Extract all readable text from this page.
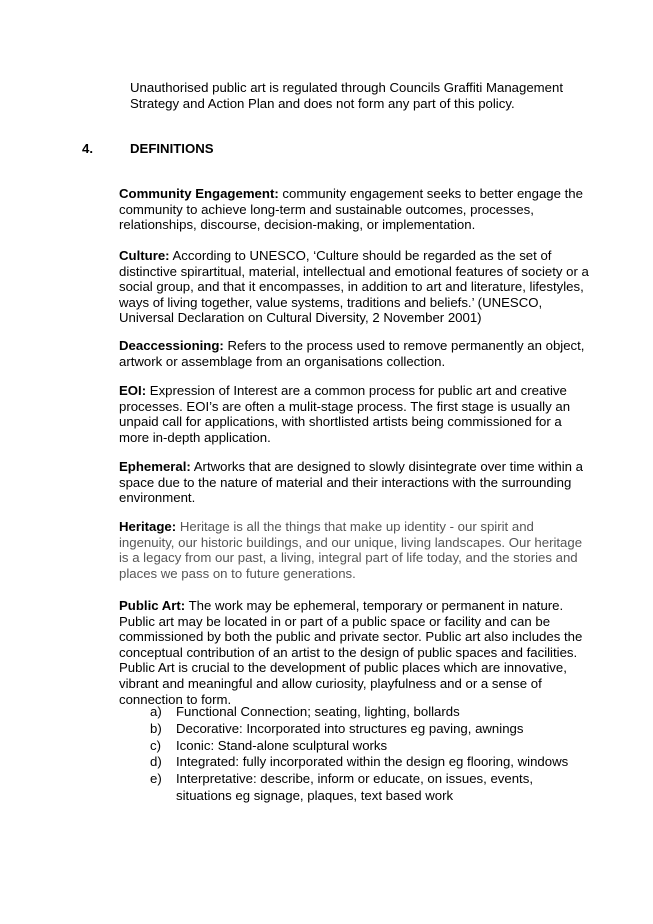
Unauthorised public art is regulated through Councils Graffiti Management Strategy and Action Plan and does not form any part of this policy.

4.	DEFINITIONS

Community Engagement: community engagement seeks to better engage the community to achieve long-term and sustainable outcomes, processes, relationships, discourse, decision-making, or implementation.

Culture: According to UNESCO, ‘Culture should be regarded as the set of distinctive spirartitual, material, intellectual and emotional features of society or a social group, and that it encompasses, in addition to art and literature, lifestyles, ways of living together, value systems, traditions and beliefs.’ (UNESCO, Universal Declaration on Cultural Diversity, 2 November 2001)

Deaccessioning: Refers to the process used to remove permanently an object, artwork or assemblage from an organisations collection.

EOI: Expression of Interest are a common process for public art and creative processes. EOI’s are often a mulit-stage process. The first stage is usually an unpaid call for applications, with shortlisted artists being commissioned for a more in-depth application.

Ephemeral: Artworks that are designed to slowly disintegrate over time within a space due to the nature of material and their interactions with the surrounding environment.

Heritage: Heritage is all the things that make up identity - our spirit and ingenuity, our historic buildings, and our unique, living landscapes. Our heritage is a legacy from our past, a living, integral part of life today, and the stories and places we pass on to future generations.

Public Art: The work may be ephemeral, temporary or permanent in nature. Public art may be located in or part of a public space or facility and can be commissioned by both the public and private sector. Public art also includes the conceptual contribution of an artist to the design of public spaces and facilities. Public Art is crucial to the development of public places which are innovative, vibrant and meaningful and allow curiosity, playfulness and or a sense of connection to form.

a) Functional Connection; seating, lighting, bollards
b) Decorative: Incorporated into structures eg paving, awnings
c) Iconic: Stand-alone sculptural works
d) Integrated: fully incorporated within the design eg flooring, windows
e) Interpretative: describe, inform or educate, on issues, events, situations eg signage, plaques, text based work
